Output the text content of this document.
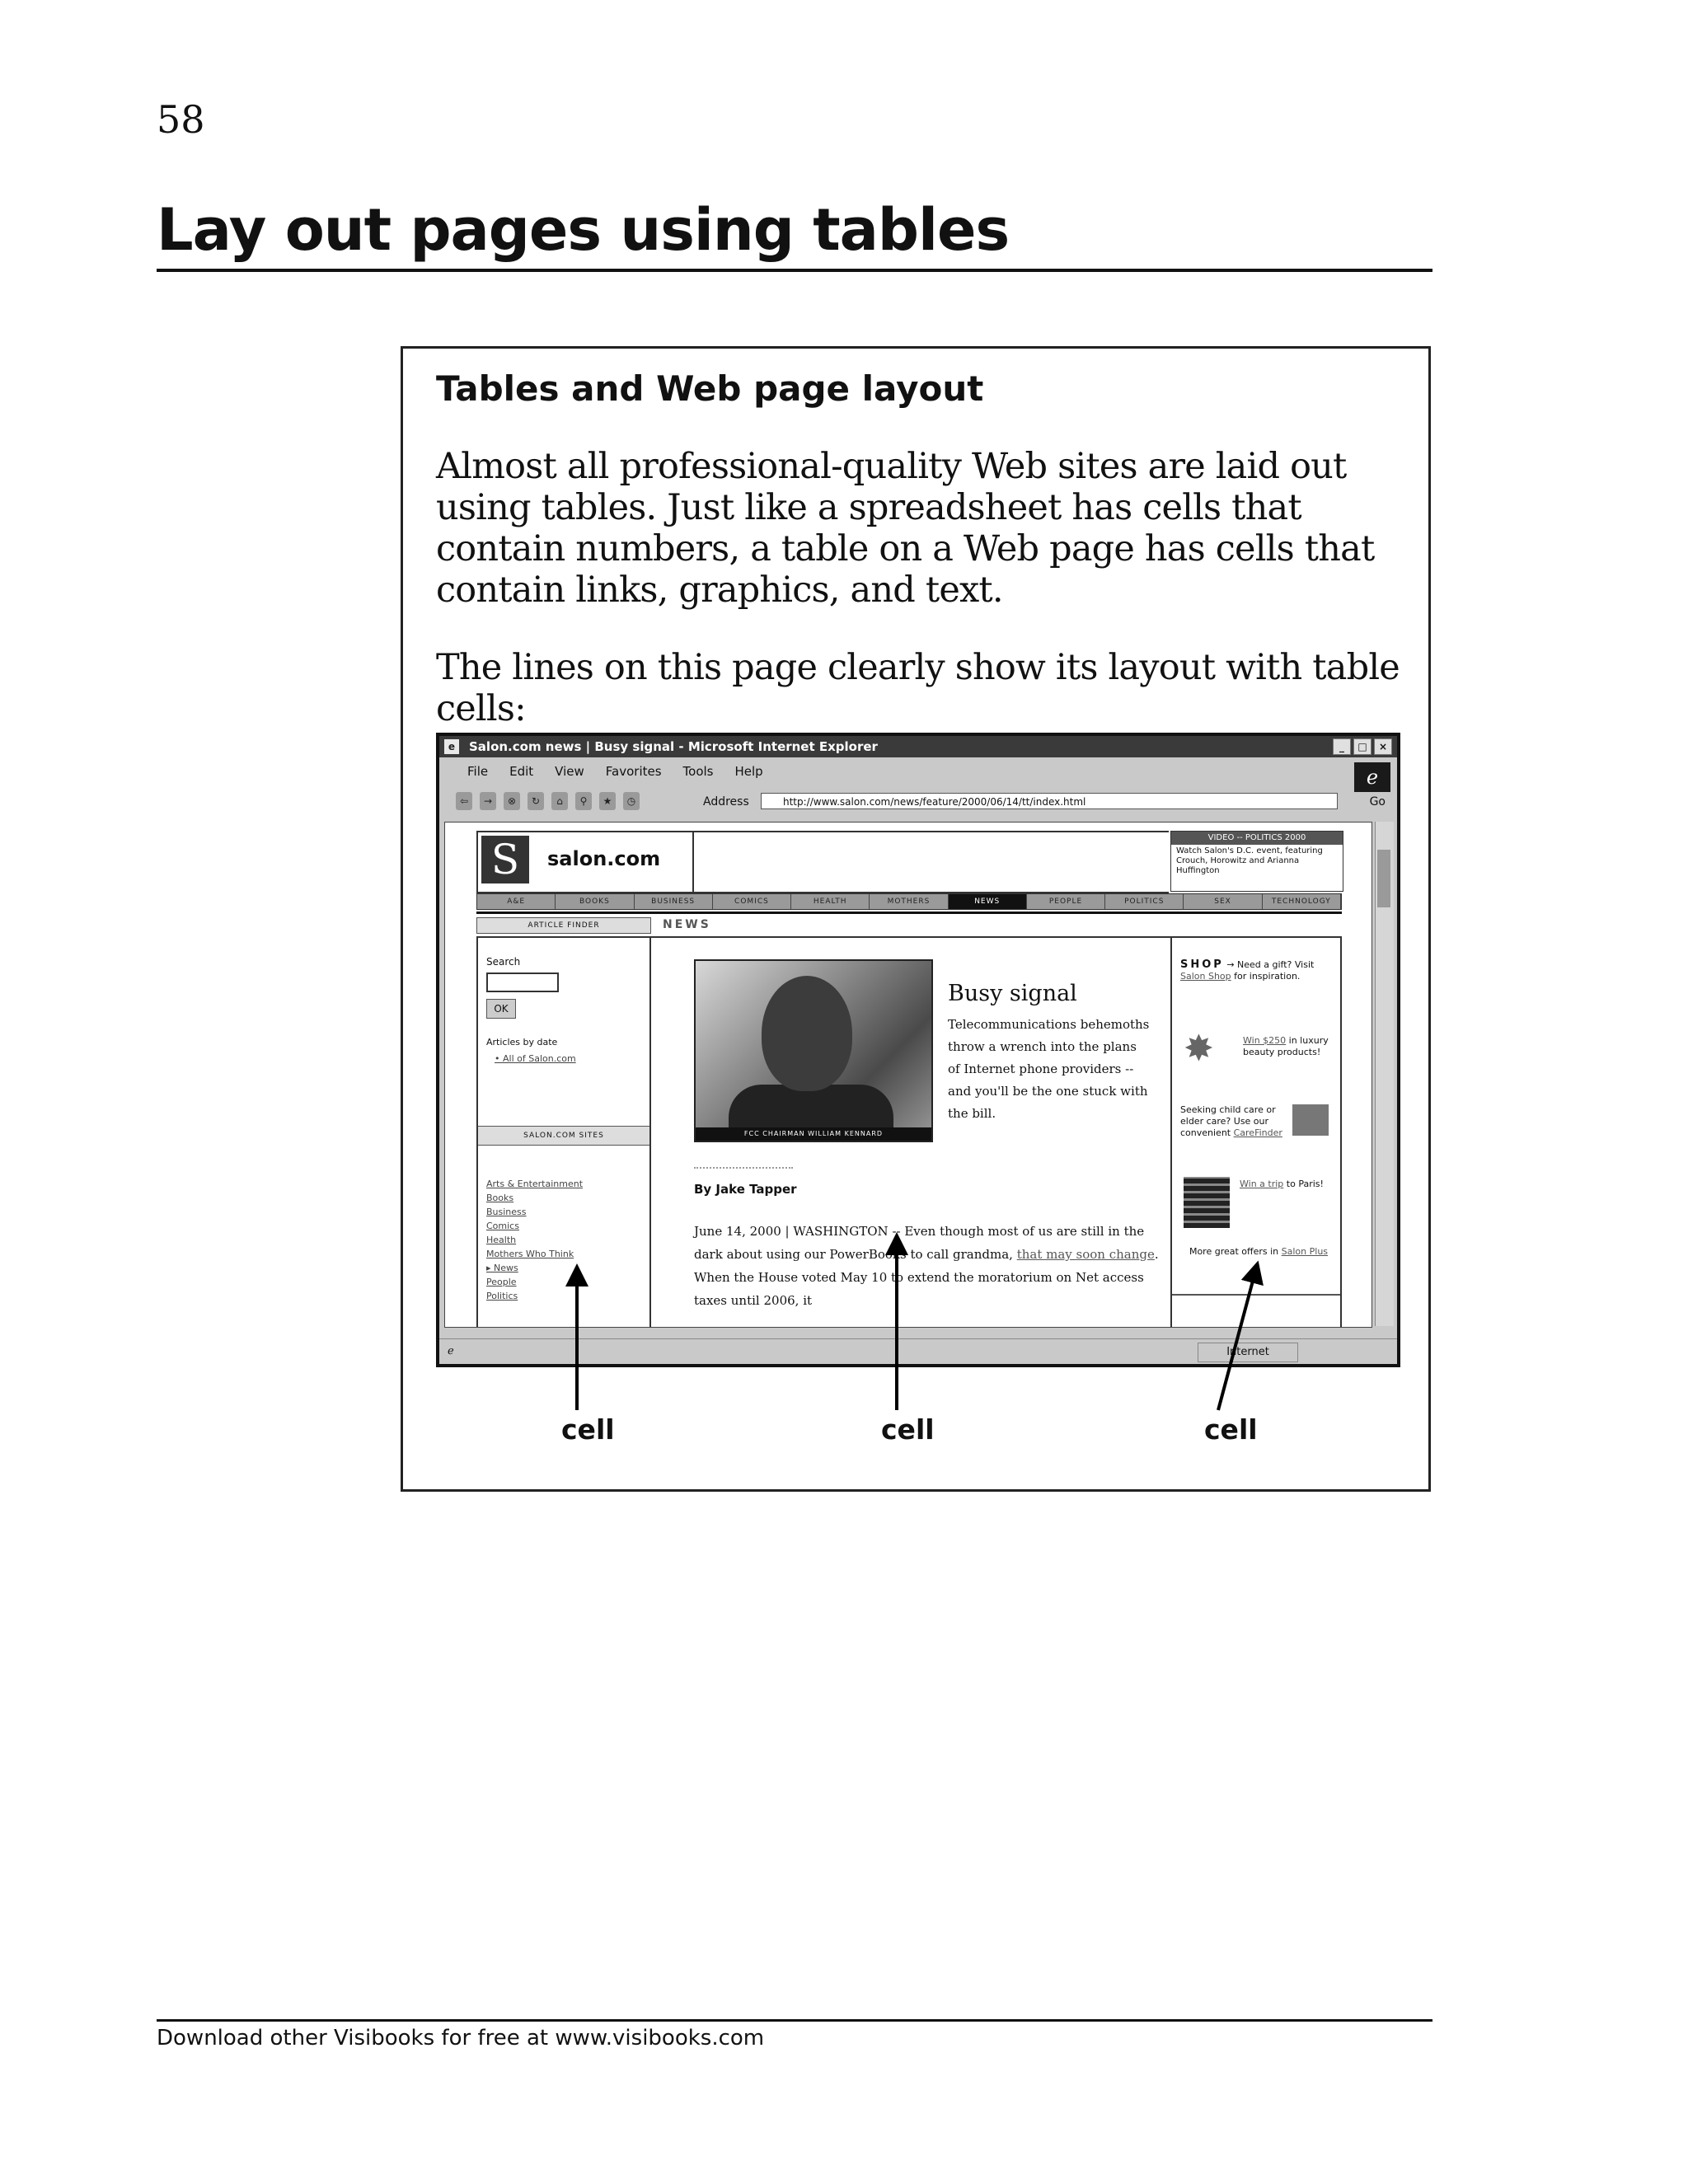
58
Lay out pages using tables
Tables and Web page layout
Almost all professional-quality Web sites are laid out using tables. Just like a spreadsheet has cells that contain numbers, a table on a Web page has cells that contain links, graphics, and text.
The lines on this page clearly show its layout with table cells:
e	Salon.com news | Busy signal - Microsoft Internet Explorer	_	□	×
File Edit View Favorites Tools Help	ℯ
⇦	→	⊗	↻	⌂	⚲	★	◷	Address	http://www.salon.com/news/feature/2000/06/14/tt/index.html	Go
S	salon.com
VIDEO -- POLITICS 2000
Watch Salon's D.C. event, featuring Crouch, Horowitz and Arianna Huffington
A&E	BOOKS	BUSINESS	COMICS	HEALTH	MOTHERS	NEWS	PEOPLE	POLITICS	SEX	TECHNOLOGY
ARTICLE FINDER	NEWS
Search
OK
Articles by date
• All of Salon.com
SALON.COM SITES
Arts & Entertainment
Books
Business
Comics
Health
Mothers Who Think
▸ News
People
Politics
FCC CHAIRMAN WILLIAM KENNARD
Busy signal
Telecommunications behemoths throw a wrench into the plans of Internet phone providers -- and you'll be the one stuck with the bill.
By Jake Tapper
June 14, 2000 | WASHINGTON -- Even though most of us are still in the dark about using our PowerBooks to call grandma, that may soon change. When the House voted May 10 to extend the moratorium on Net access taxes until 2006, it
SHOP → Need a gift? Visit Salon Shop for inspiration.
✸	Win $250 in luxury beauty products!
Seeking child care or elder care? Use our convenient CareFinder
Win a trip to Paris!
More great offers in Salon Plus
ℯ	Internet
cell	cell	cell
Download other Visibooks for free at www.visibooks.com
